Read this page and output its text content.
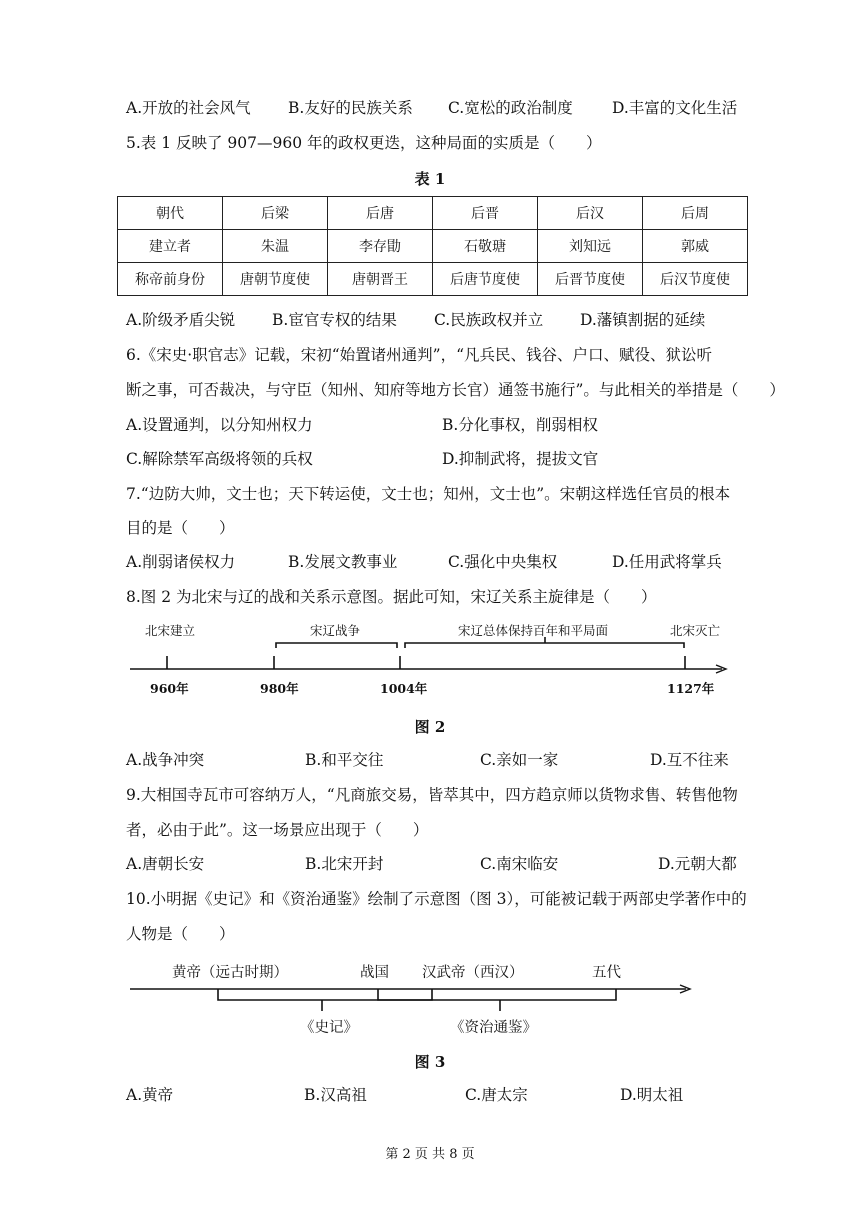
A.开放的社会风气 B.友好的民族关系 C.宽松的政治制度	D.丰富的文化生活
5.表 1 反映了 907—960 年的政权更迭，这种局面的实质是（　　）
表 1
朝代	后梁	后唐	后晋	后汉	后周
建立者	朱温	李存勖	石敬瑭	刘知远	郭威
称帝前身份	唐朝节度使	唐朝晋王	后唐节度使	后晋节度使	后汉节度使
A.阶级矛盾尖锐 B.宦官专权的结果 C.民族政权并立 D.藩镇割据的延续
6.《宋史·职官志》记载，宋初“始置诸州通判”，“凡兵民、钱谷、户口、赋役、狱讼听
断之事，可否裁决，与守臣（知州、知府等地方长官）通签书施行”。与此相关的举措是（　　）
A.设置通判，以分知州权力	B.分化事权，削弱相权
C.解除禁军高级将领的兵权	D.抑制武将，提拔文官
7.“边防大帅，文士也；天下转运使，文士也；知州，文士也”。宋朝这样选任官员的根本
目的是（　　）
A.削弱诸侯权力	B.发展文教事业	C.强化中央集权	D.任用武将掌兵
8.图 2 为北宋与辽的战和关系示意图。据此可知，宋辽关系主旋律是（　　）
北宋建立	宋辽战争	宋辽总体保持百年和平局面	北宋灭亡
960年	980年	1004年	1127年
图 2
A.战争冲突	B.和平交往	C.亲如一家	D.互不往来
9.大相国寺瓦市可容纳万人，“凡商旅交易，皆萃其中，四方趋京师以货物求售、转售他物
者，必由于此”。这一场景应出现于（　　）
A.唐朝长安	B.北宋开封	C.南宋临安	D.元朝大都
10.小明据《史记》和《资治通鉴》绘制了示意图（图 3），可能被记载于两部史学著作中的
人物是（　　）
黄帝（远古时期）	战国 汉武帝（西汉）	五代
《史记》	《资治通鉴》
图 3
A.黄帝	B.汉高祖	C.唐太宗	D.明太祖
第 2 页 共 8 页
